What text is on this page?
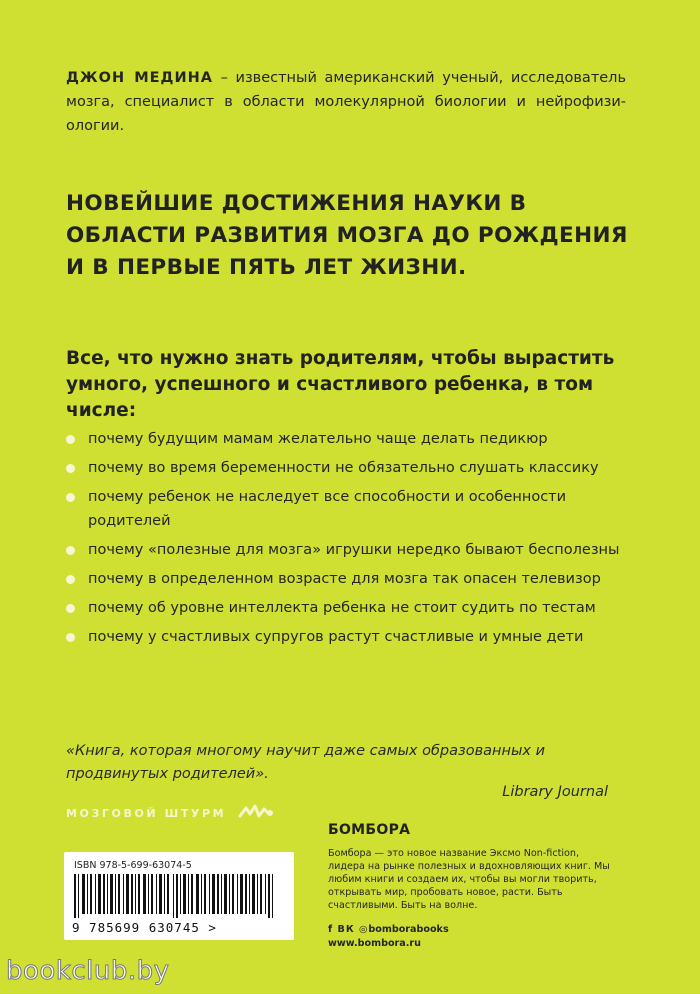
ДЖОН МЕДИНА – известный американский ученый, исследователь мозга, специалист в области молекулярной биологии и нейрофизиологии.
НОВЕЙШИЕ ДОСТИЖЕНИЯ НАУКИ В ОБЛАСТИ РАЗВИТИЯ МОЗГА ДО РОЖДЕНИЯ И В ПЕРВЫЕ ПЯТЬ ЛЕТ ЖИЗНИ.
Все, что нужно знать родителям, чтобы вырастить умного, успешного и счастливого ребенка, в том числе:
почему будущим мамам желательно чаще делать педикюр
почему во время беременности не обязательно слушать классику
почему ребенок не наследует все способности и особенности родителей
почему «полезные для мозга» игрушки нередко бывают бесполезны
почему в определенном возрасте для мозга так опасен телевизор
почему об уровне интеллекта ребенка не стоит судить по тестам
почему у счастливых супругов растут счастливые и умные дети
«Книга, которая многому научит даже самых образованных и продвинутых родителей».
Library Journal
МОЗГОВОЙ ШТУРМ
ISBN 978-5-699-63074-5
9 785699 630745 >
БОМБОРА
Бомбора — это новое название Эксмо Non-fiction, лидера на рынке полезных и вдохновляющих книг. Мы любим книги и создаем их, чтобы вы могли творить, открывать мир, пробовать новое, расти. Быть счастливыми. Быть на волне.
f ВК ◎bomborabooks
www.bombora.ru
bookclub.by
